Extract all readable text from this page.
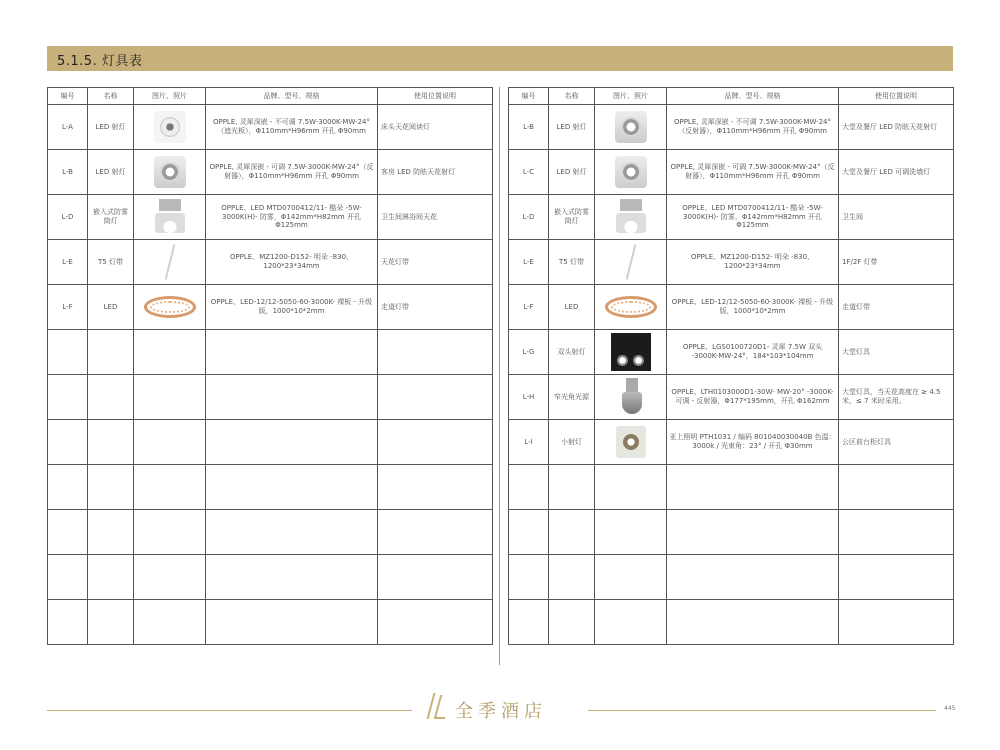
5.1.5. 灯具表
编号	名称	图片、照片	品牌、型号、规格	使用位置说明
L-A	LED 射灯		OPPLE, 灵犀深嵌 - 不可调 7.5W-3000K-MW-24°（遮光板），Φ110mm*H96mm 开孔 Φ90mm	床头天花阅读灯
L-B	LED 射灯		OPPLE, 灵犀深嵌 - 可调 7.5W-3000K-MW-24°（反射器），Φ110mm*H96mm 开孔 Φ90mm	客房 LED 防眩天花射灯
L-D	嵌入式防雾筒灯		OPPLE、LED MTD0700412/11- 酷朵 -5W-3000K(H)- 防雾，Φ142mm*H82mm 开孔 Φ125mm	卫生间淋浴间天花
L-E	T5 灯带		OPPLE、MZ1200-D152- 明朵 -830、1200*23*34mm	天花灯带
L-F	LED		OPPLE、LED-12/12-5050-60-3000K- 裸板 - 升级 版，1000*10*2mm	走道灯带

编号	名称	图片、照片	品牌、型号、规格	使用位置说明
L-B	LED 射灯		OPPLE, 灵犀深嵌 - 不可调 7.5W-3000K-MW-24°（反射器），Φ110mm*H96mm 开孔 Φ90mm	大堂及餐厅 LED 防眩天花射灯
L-C	LED 射灯		OPPLE, 灵犀深嵌 - 可调 7.5W-3000K-MW-24°（反射器），Φ110mm*H96mm 开孔 Φ90mm	大堂及餐厅 LED 可调洗墙灯
L-D	嵌入式防雾筒灯		OPPLE、LED MTD0700412/11- 酷朵 -5W-3000K(H)- 防雾，Φ142mm*H82mm 开孔 Φ125mm	卫生间
L-E	T5 灯带		OPPLE、MZ1200-D152- 明朵 -830、1200*23*34mm	1F/2F 灯带
L-F	LED		OPPLE、LED-12/12-5050-60-3000K- 裸板 - 升级 版，1000*10*2mm	走道灯带
L-G	双头射灯		OPPLE、LGS0100720D1- 灵犀 7.5W 双头 -3000K-MW-24°，184*103*104mm	大堂灯具
L-H	窄光角光源		OPPLE、LTH0103000D1-30W- MW-20° -3000K- 可调 - 反射器，Φ177*195mm，开孔 Φ162mm	大堂灯具，当天花高度在 ≥ 4.5 米，≤ 7 米时采用。
L-I	小射灯		亚上照明 PTH1031 / 编码 801040030040B 色温：3000k / 光束角：23° / 开孔 Φ30mm	公区前台柜灯具

全季酒店	445
